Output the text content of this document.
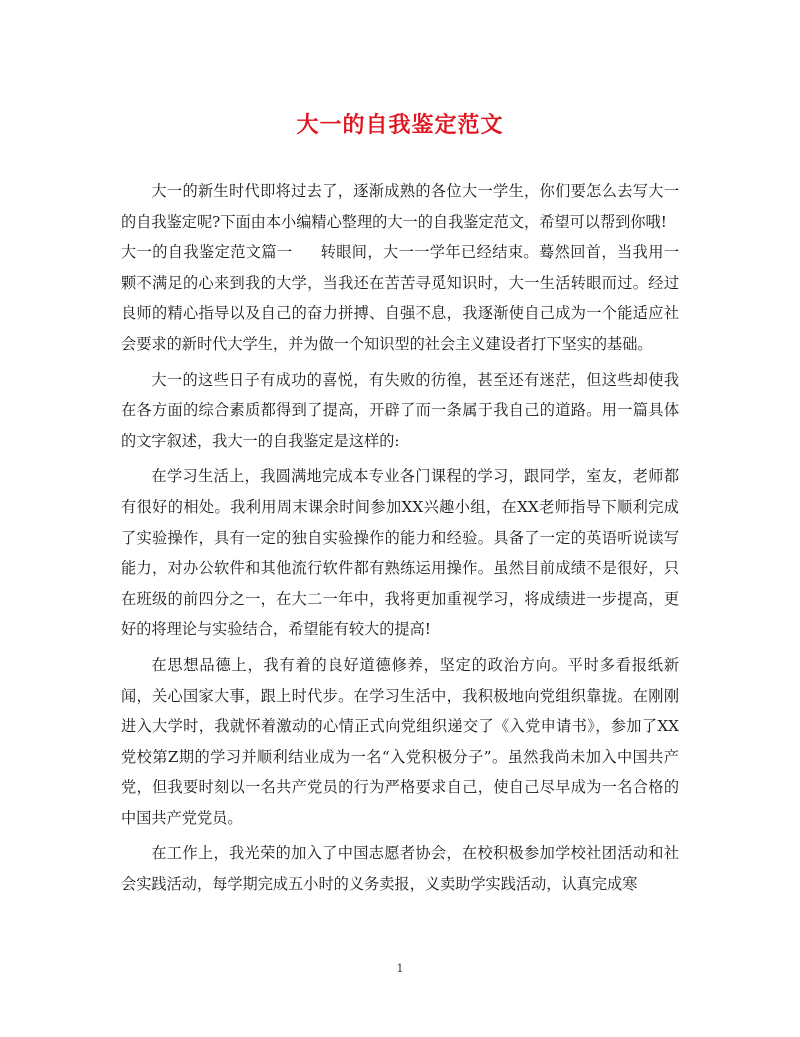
大一的自我鉴定范文

大一的新生时代即将过去了，逐渐成熟的各位大一学生，你们要怎么去写大一的自我鉴定呢?下面由本小编精心整理的大一的自我鉴定范文，希望可以帮到你哦!

大一的自我鉴定范文篇一 转眼间，大一一学年已经结束。蓦然回首，当我用一颗不满足的心来到我的大学，当我还在苦苦寻觅知识时，大一生活转眼而过。经过良师的精心指导以及自己的奋力拼搏、自强不息，我逐渐使自己成为一个能适应社会要求的新时代大学生，并为做一个知识型的社会主义建设者打下坚实的基础。

大一的这些日子有成功的喜悦，有失败的彷徨，甚至还有迷茫，但这些却使我在各方面的综合素质都得到了提高，开辟了而一条属于我自己的道路。用一篇具体的文字叙述，我大一的自我鉴定是这样的:

在学习生活上，我圆满地完成本专业各门课程的学习，跟同学，室友，老师都有很好的相处。我利用周末课余时间参加XX兴趣小组，在XX老师指导下顺利完成了实验操作，具有一定的独自实验操作的能力和经验。具备了一定的英语听说读写能力，对办公软件和其他流行软件都有熟练运用操作。虽然目前成绩不是很好，只在班级的前四分之一，在大二一年中，我将更加重视学习，将成绩进一步提高，更好的将理论与实验结合，希望能有较大的提高!

在思想品德上，我有着的良好道德修养，坚定的政治方向。平时多看报纸新闻，关心国家大事，跟上时代步。在学习生活中，我积极地向党组织靠拢。在刚刚进入大学时，我就怀着激动的心情正式向党组织递交了《入党申请书》，参加了XX党校第Z期的学习并顺利结业成为一名“入党积极分子”。虽然我尚未加入中国共产党，但我要时刻以一名共产党员的行为严格要求自己，使自己尽早成为一名合格的中国共产党党员。

在工作上，我光荣的加入了中国志愿者协会，在校积极参加学校社团活动和社会实践活动，每学期完成五小时的义务卖报，义卖助学实践活动，认真完成寒

1
